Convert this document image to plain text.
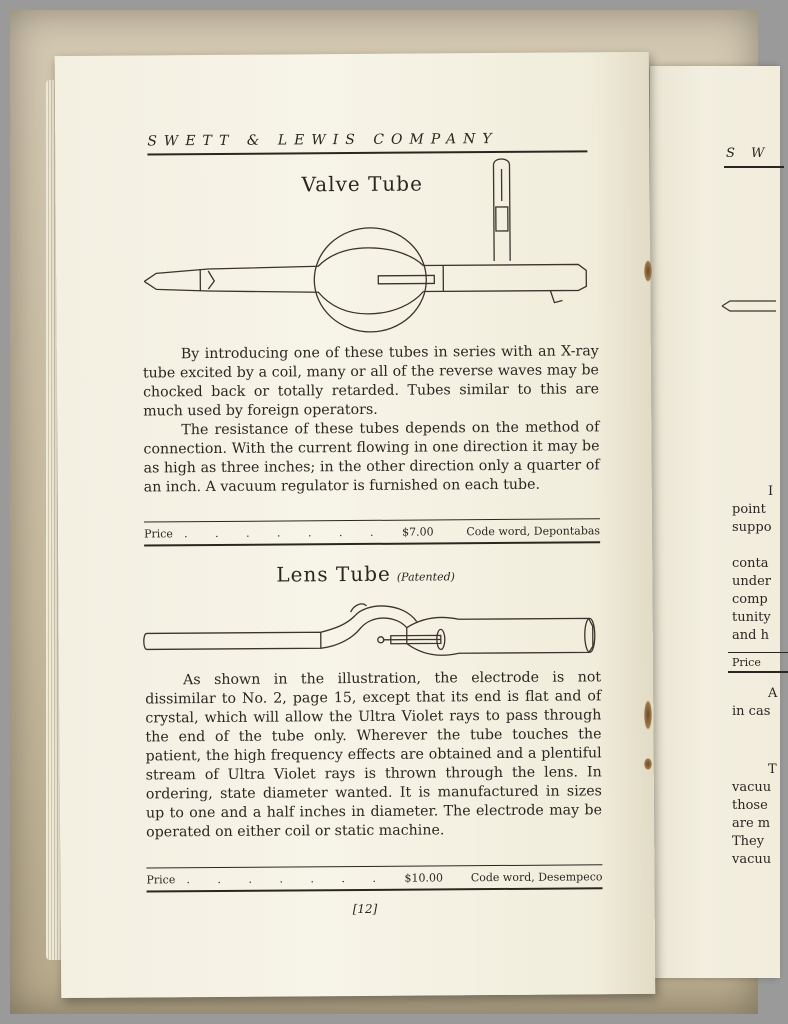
S W
I
point
suppo
conta
under
comp
tunity
and h
Price
A
in cas
T
vacuu
those
are m
They
vacuu
SWETT & LEWIS COMPANY
Valve Tube

By introducing one of these tubes in series with an X-ray tube excited by a coil, many or all of the reverse waves may be chocked back or totally retarded. Tubes similar to this are much used by foreign operators.

The resistance of these tubes depends on the method of connection. With the current flowing in one direction it may be as high as three inches; in the other direction only a quarter of an inch. A vacuum regulator is furnished on each tube.

Price	. . . . . . .	$7.00	Code word, Depontabas
Lens Tube (Patented)

As shown in the illustration, the electrode is not dissimilar to No. 2, page 15, except that its end is flat and of crystal, which will allow the Ultra Violet rays to pass through the end of the tube only. Wherever the tube touches the patient, the high frequency effects are obtained and a plentiful stream of Ultra Violet rays is thrown through the lens. In ordering, state diameter wanted. It is manufactured in sizes up to one and a half inches in diameter. The electrode may be operated on either coil or static machine.

Price	. . . . . . .	$10.00	Code word, Desempeco
[12]
